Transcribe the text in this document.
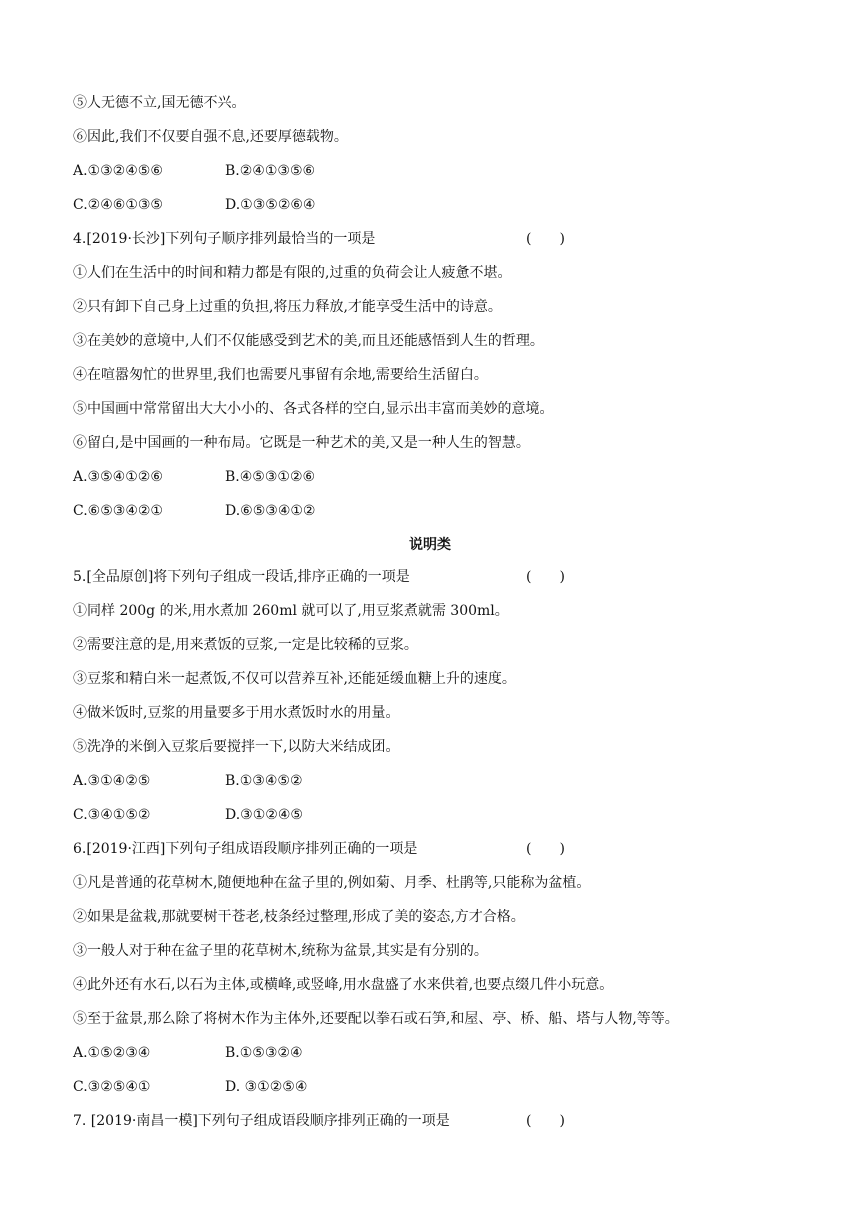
⑤人无德不立,国无德不兴。
⑥因此,我们不仅要自强不息,还要厚德载物。
A.①③②④⑤⑥	B.②④①③⑤⑥
C.②④⑥①③⑤	D.①③⑤②⑥④
4.[2019·长沙]下列句子顺序排列最恰当的一项是	(　　)
①人们在生活中的时间和精力都是有限的,过重的负荷会让人疲惫不堪。
②只有卸下自己身上过重的负担,将压力释放,才能享受生活中的诗意。
③在美妙的意境中,人们不仅能感受到艺术的美,而且还能感悟到人生的哲理。
④在喧嚣匆忙的世界里,我们也需要凡事留有余地,需要给生活留白。
⑤中国画中常常留出大大小小的、各式各样的空白,显示出丰富而美妙的意境。
⑥留白,是中国画的一种布局。它既是一种艺术的美,又是一种人生的智慧。
A.③⑤④①②⑥	B.④⑤③①②⑥
C.⑥⑤③④②①	D.⑥⑤③④①②
说明类
5.[全品原创]将下列句子组成一段话,排序正确的一项是	(　　)
①同样 200g 的米,用水煮加 260ml 就可以了,用豆浆煮就需 300ml。
②需要注意的是,用来煮饭的豆浆,一定是比较稀的豆浆。
③豆浆和精白米一起煮饭,不仅可以营养互补,还能延缓血糖上升的速度。
④做米饭时,豆浆的用量要多于用水煮饭时水的用量。
⑤洗净的米倒入豆浆后要搅拌一下,以防大米结成团。
A.③①④②⑤	B.①③④⑤②
C.③④①⑤②	D.③①②④⑤
6.[2019·江西]下列句子组成语段顺序排列正确的一项是	(　　)
①凡是普通的花草树木,随便地种在盆子里的,例如菊、月季、杜鹃等,只能称为盆植。
②如果是盆栽,那就要树干苍老,枝条经过整理,形成了美的姿态,方才合格。
③一般人对于种在盆子里的花草树木,统称为盆景,其实是有分别的。
④此外还有水石,以石为主体,或横峰,或竖峰,用水盘盛了水来供着,也要点缀几件小玩意。
⑤至于盆景,那么除了将树木作为主体外,还要配以拳石或石笋,和屋、亭、桥、船、塔与人物,等等。
A.①⑤②③④	B.①⑤③②④
C.③②⑤④①	D. ③①②⑤④
7. [2019·南昌一模]下列句子组成语段顺序排列正确的一项是	(　　)
